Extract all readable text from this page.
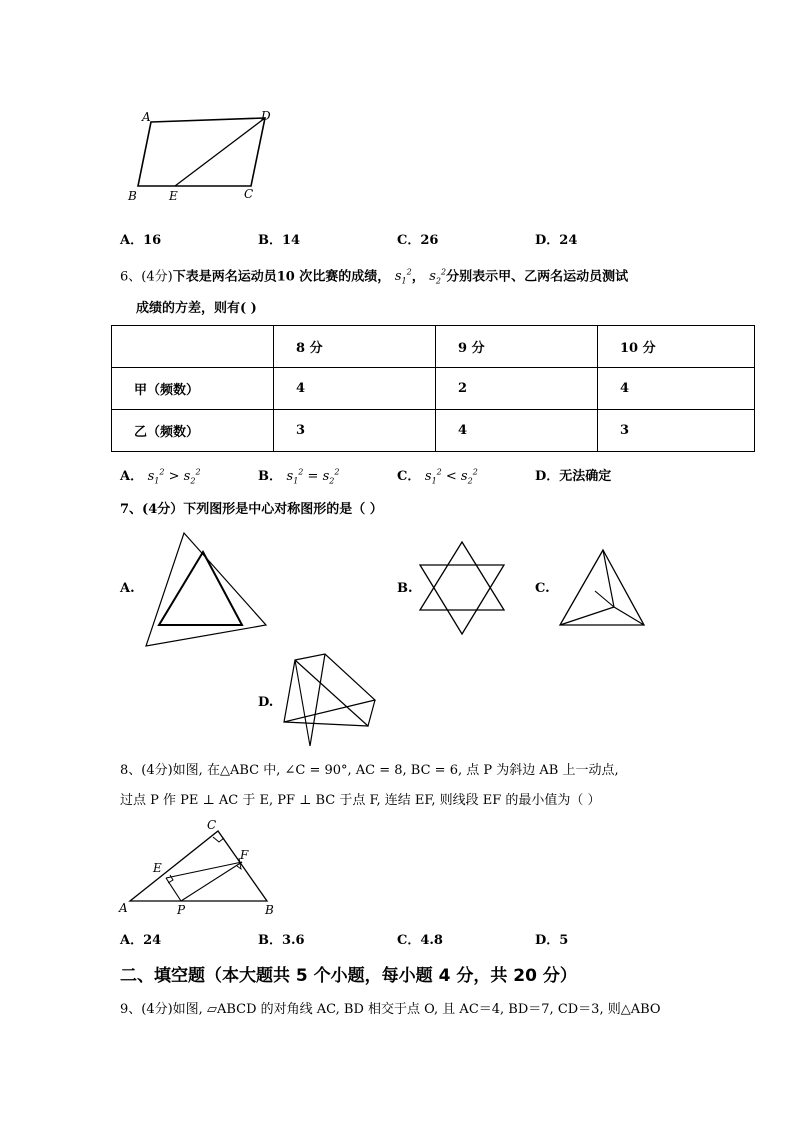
A	D
B	E	C
A．16	B．14	C．26	D．24
6、(4分)下表是两名运动员10 次比赛的成绩， $s_1^2$， $s_2^2$分别表示甲、乙两名运动员测试
成绩的方差，则有( )
	8 分	9 分	10 分
甲（频数）	4	2	4
乙（频数）	3	4	3
A． $s_1^2 > s_2^2$	B． $s_1^2 = s_2^2$	C． $s_1^2 < s_2^2$	D．无法确定
7、(4分）下列图形是中心对称图形的是（ ）
A.	B.	C.
D.
8、(4分)如图, 在△ABC 中, ∠C = 90°, AC = 8, BC = 6, 点 P 为斜边 AB 上一动点,
过点 P 作 PE ⊥ AC 于 E, PF ⊥ BC 于点 F, 连结 EF, 则线段 EF 的最小值为（ ）
C
E
F
A	P	B
A．24	B．3.6	C．4.8	D．5
二、填空题（本大题共 5 个小题，每小题 4 分，共 20 分）
9、(4分)如图, ▱ABCD 的对角线 AC, BD 相交于点 O, 且 AC＝4, BD＝7, CD＝3, 则△ABO
